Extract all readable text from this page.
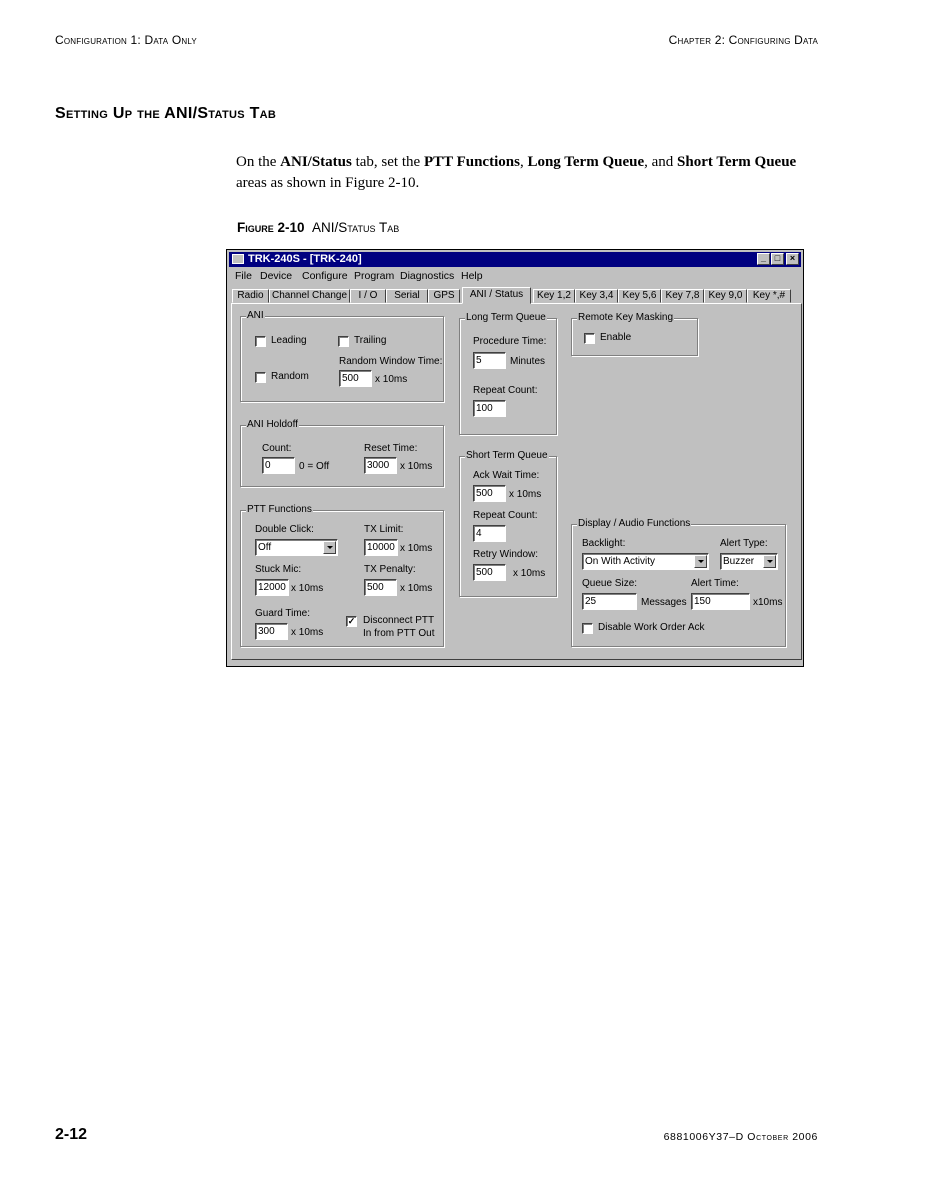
Configuration 1: Data Only	Chapter 2: Configuring Data
Setting Up the ANI/Status Tab
On the ANI/Status tab, set the PTT Functions, Long Term Queue, and Short Term Queue areas as shown in Figure 2-10.
Figure 2-10 ANI/Status Tab
TRK-240S - [TRK-240]	_ □	×
File Device Configure Program Diagnostics Help
Radio Channel Change	I / O	Serial	GPS	ANI / Status	Key 1,2 Key 3,4 Key 5,6 Key 7,8 Key 9,0	Key *,#
ANI
Leading	Trailing
Random Window Time:
Random	500	x 10ms
ANI Holdoff
Count:
0	0 = Off
Reset Time:
3000	x 10ms
PTT Functions
Double Click:
Off
TX Limit:
10000 x 10ms
Stuck Mic:
12000 x 10ms
TX Penalty:
500	x 10ms
Guard Time:
300	x 10ms
✓ Disconnect PTT
In from PTT Out
Long Term Queue
Procedure Time:
5	Minutes
Repeat Count:
100
Short Term Queue
Ack Wait Time:
500	x 10ms
Repeat Count:
4
Retry Window:
500	x 10ms
Remote Key Masking
Enable
Display / Audio Functions
Backlight:
On With Activity
Alert Type:
Buzzer
Queue Size:
25	Messages
Alert Time:
150	x10ms
Disable Work Order Ack
2-12	6881006Y37–D October 2006
